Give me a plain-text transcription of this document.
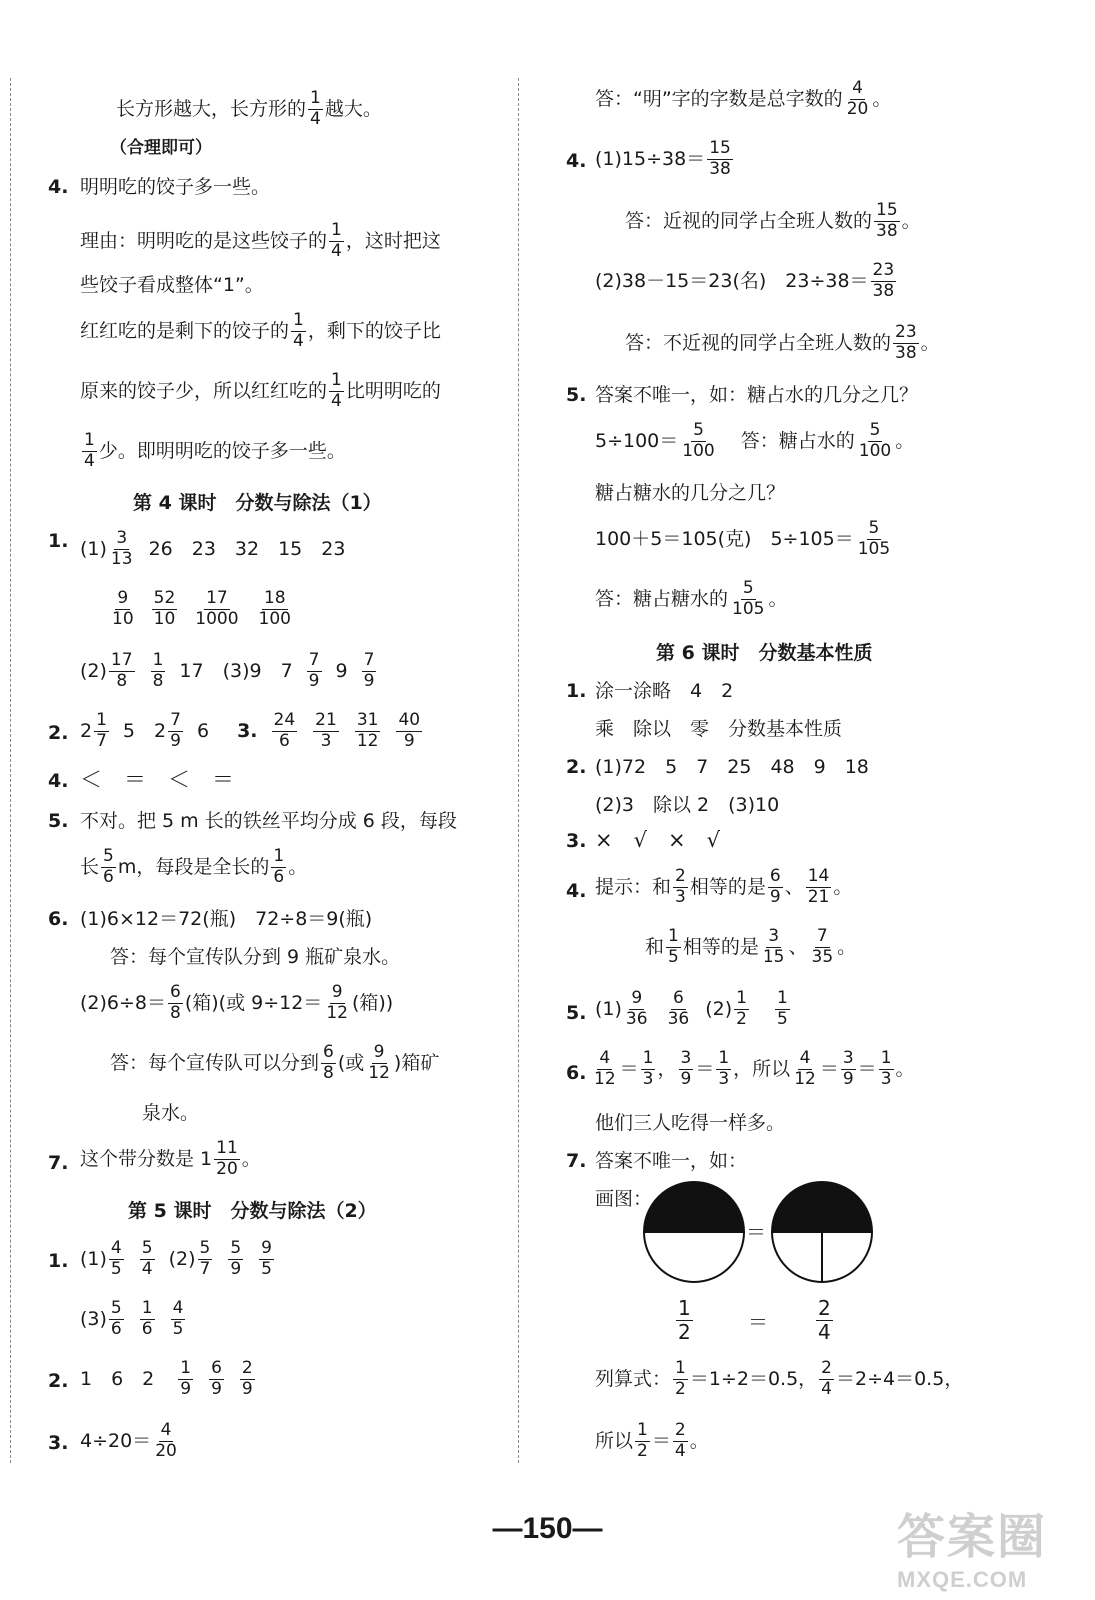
长方形越大，长方形的 $\frac{1}{4}$ 越大。
（合理即可）
4. 明明吃的饺子多一些。
理由：明明吃的是这些饺子的 $\frac{1}{4}$ ，这时把这
些饺子看成整体“1”。
红红吃的是剩下的饺子的 $\frac{1}{4}$ ，剩下的饺子比
原来的饺子少，所以红红吃的 $\frac{1}{4}$ 比明明吃的
$\frac{1}{4}$ 少。即明明吃的饺子多一些。
第 4 课时　分数与除法（1）
1. $(1) \frac{3}{13} 26$　23　32　15　23
$\frac{9}{10} \frac{52}{10} \frac{17}{1000} \frac{18}{100}$
$(2) \frac{17}{8} \frac{1}{8} 17$　(3)9　$7 \frac{7}{9} 9 \frac{7}{9}$
2. $2 \frac{1}{7} 5$　$2 \frac{7}{9} 6$ 3. $\frac{24}{6} \frac{21}{3} \frac{31}{12} \frac{40}{9}$
4. ＜　＝　＜　＝
5. 不对。把 5 m 长的铁丝平均分成 6 段，每段
长 $\frac{5}{6}$ m，每段是全长的 $\frac{1}{6}$ 。
6. (1)6×12＝72(瓶)　72÷8＝9(瓶)
答：每个宣传队分到 9 瓶矿泉水。
$(2)6\div 8= \frac{6}{8}$ (箱)(或 $9\div 12= \frac{9}{12}$ (箱))
答：每个宣传队可以分到 $\frac{6}{8}$ (或 $\frac{9}{12}$ )箱矿
泉水。
7. 这个带分数是 $1 \frac{11}{20}$ 。
第 5 课时　分数与除法（2）
1. $(1) \frac{4}{5} \frac{5}{4} (2) \frac{5}{7} \frac{5}{9} \frac{9}{5}$
$(3) \frac{5}{6} \frac{1}{6} \frac{4}{5}$
2. 1　6　$2 \frac{1}{9} \frac{6}{9} \frac{2}{9}$
3. $4\div 20= \frac{4}{20}$
答：“明”字的字数是总字数的 $\frac{4}{20}$ 。
4. $(1)15\div 38= \frac{15}{38}$
答：近视的同学占全班人数的 $\frac{15}{38}$ 。
(2)38－15＝23(名)　$23\div 38= \frac{23}{38}$
答：不近视的同学占全班人数的 $\frac{23}{38}$ 。
5. 答案不唯一，如：糖占水的几分之几？
$5\div 100= \frac{5}{100}$ 答：糖占水的 $\frac{5}{100}$ 。
糖占糖水的几分之几？
100＋5＝105(克)　$5\div 105= \frac{5}{105}$
答：糖占糖水的 $\frac{5}{105}$ 。
第 6 课时　分数基本性质
1. 涂一涂略　4　2
乘　除以　零　分数基本性质
2. (1)72　5　7　25　48　9　18
(2)3　除以 2　(3)10
3. ×　√　×　√
4. 提示：和 $\frac{2}{3}$ 相等的是 $\frac{6}{9}$ 、 $\frac{14}{21}$ 。
和 $\frac{1}{5}$ 相等的是 $\frac{3}{15}$ 、 $\frac{7}{35}$ 。
5. $(1) \frac{9}{36} \frac{6}{36} (2) \frac{1}{2} \frac{1}{5}$
6. $\frac{4}{12} = \frac{1}{3}$ ， $\frac{3}{9} = \frac{1}{3}$ ，所以 $\frac{4}{12} = \frac{3}{9} = \frac{1}{3}$ 。
他们三人吃得一样多。
7. 答案不唯一，如：
画图：
＝
$\frac{1}{2}$	＝ $\frac{2}{4}$
列算式： $\frac{1}{2} =1\div 2=0.5$， $\frac{2}{4} =2\div 4=0.5$，
所以 $\frac{1}{2} = \frac{2}{4}$ 。
—150—	答案圈
MXQE.COM
